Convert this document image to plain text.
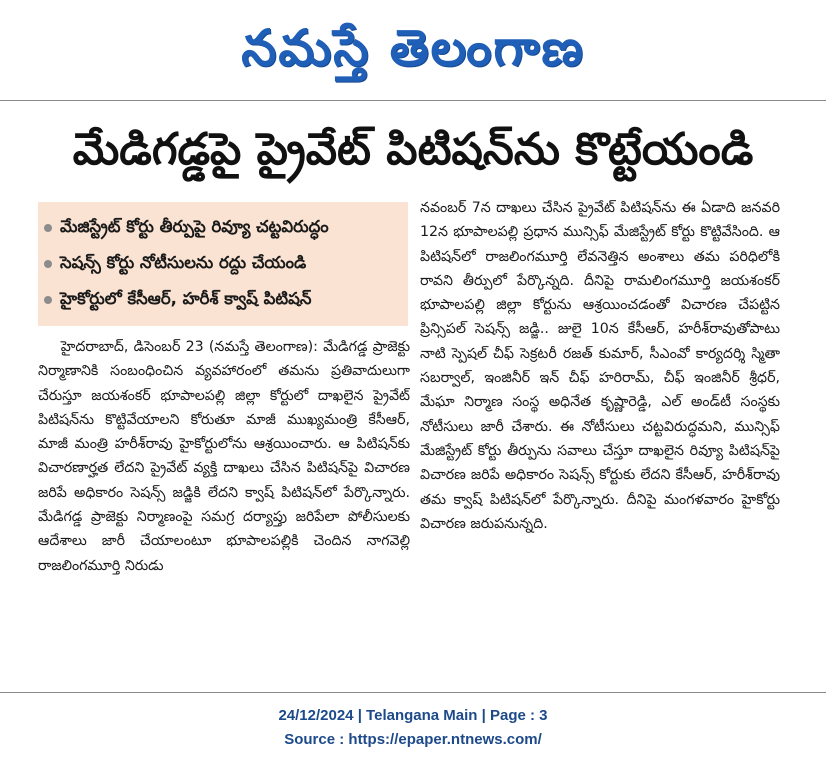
నమస్తే తెలంగాణ
మేడిగడ్డపై ప్రైవేట్ పిటిషన్‌ను కొట్టేయండి
మేజిస్ట్రేట్ కోర్టు తీర్పుపై రివ్యూ చట్టవిరుద్ధం
సెషన్స్ కోర్టు నోటీసులను రద్దు చేయండి
హైకోర్టులో కేసీఆర్, హరీశ్ క్వాష్ పిటిషన్

హైదరాబాద్, డిసెంబర్ 23 (నమస్తే తెలంగాణ): మేడిగడ్డ ప్రాజెక్టు నిర్మాణానికి సంబంధించిన వ్యవహారంలో తమను ప్రతివాదులుగా చేరుస్తూ జయశంకర్ భూపాలపల్లి జిల్లా కోర్టులో దాఖలైన ప్రైవేట్ పిటిషన్‌ను కొట్టివేయాలని కోరుతూ మాజీ ముఖ్యమంత్రి కేసీఆర్, మాజీ మంత్రి హరీశ్‌రావు హైకోర్టులోను ఆశ్రయించారు. ఆ పిటిషన్‌కు విచారణార్హత లేదని ప్రైవేట్ వ్యక్తి దాఖలు చేసిన పిటిషన్‌పై విచారణ జరిపే అధికారం సెషన్స్ జడ్జికి లేదని క్వాష్ పిటిషన్‌లో పేర్కొన్నారు. మేడిగడ్డ ప్రాజెక్టు నిర్మాణంపై సమగ్ర దర్యాప్తు జరిపేలా పోలీసులకు ఆదేశాలు జారీ చేయాలంటూ భూపాలపల్లికి చెందిన నాగవెల్లి రాజలింగమూర్తి నిరుడు

నవంబర్ 7న దాఖలు చేసిన ప్రైవేట్ పిటిషన్‌ను ఈ ఏడాది జనవరి 12న భూపాలపల్లి ప్రధాన మున్సిఫ్ మేజిస్ట్రేట్ కోర్టు కొట్టివేసింది. ఆ పిటిషన్‌లో రాజలింగమూర్తి లేవనెత్తిన అంశాలు తమ పరిధిలోకి రావని తీర్పులో పేర్కొన్నది. దీనిపై రామలింగమూర్తి జయశంకర్ భూపాలపల్లి జిల్లా కోర్టును ఆశ్రయించడంతో విచారణ చేపట్టిన ప్రిన్సిపల్ సెషన్స్ జడ్జి.. జులై 10న కేసీఆర్, హరీశ్‌రావుతోపాటు నాటి స్పెషల్ చీఫ్ సెక్రటరీ రజత్ కుమార్, సీఎంవో కార్యదర్శి స్మితా సబర్వాల్, ఇంజినీర్ ఇన్ చీఫ్ హరిరామ్, చీఫ్ ఇంజినీర్ శ్రీధర్, మేఘా నిర్మాణ సంస్థ అధినేత కృష్ణారెడ్డి, ఎల్ అండ్‌టీ సంస్థకు నోటీసులు జారీ చేశారు. ఈ నోటీసులు చట్టవిరుద్ధమని, మున్సిఫ్ మేజిస్ట్రేట్ కోర్టు తీర్పును సవాలు చేస్తూ దాఖలైన రివ్యూ పిటిషన్‌పై విచారణ జరిపే అధికారం సెషన్స్ కోర్టుకు లేదని కేసీఆర్, హరీశ్‌రావు తమ క్వాష్ పిటిషన్‌లో పేర్కొన్నారు. దీనిపై మంగళవారం హైకోర్టు విచారణ జరుపనున్నది.

24/12/2024 | Telangana Main | Page : 3
Source : https://epaper.ntnews.com/
